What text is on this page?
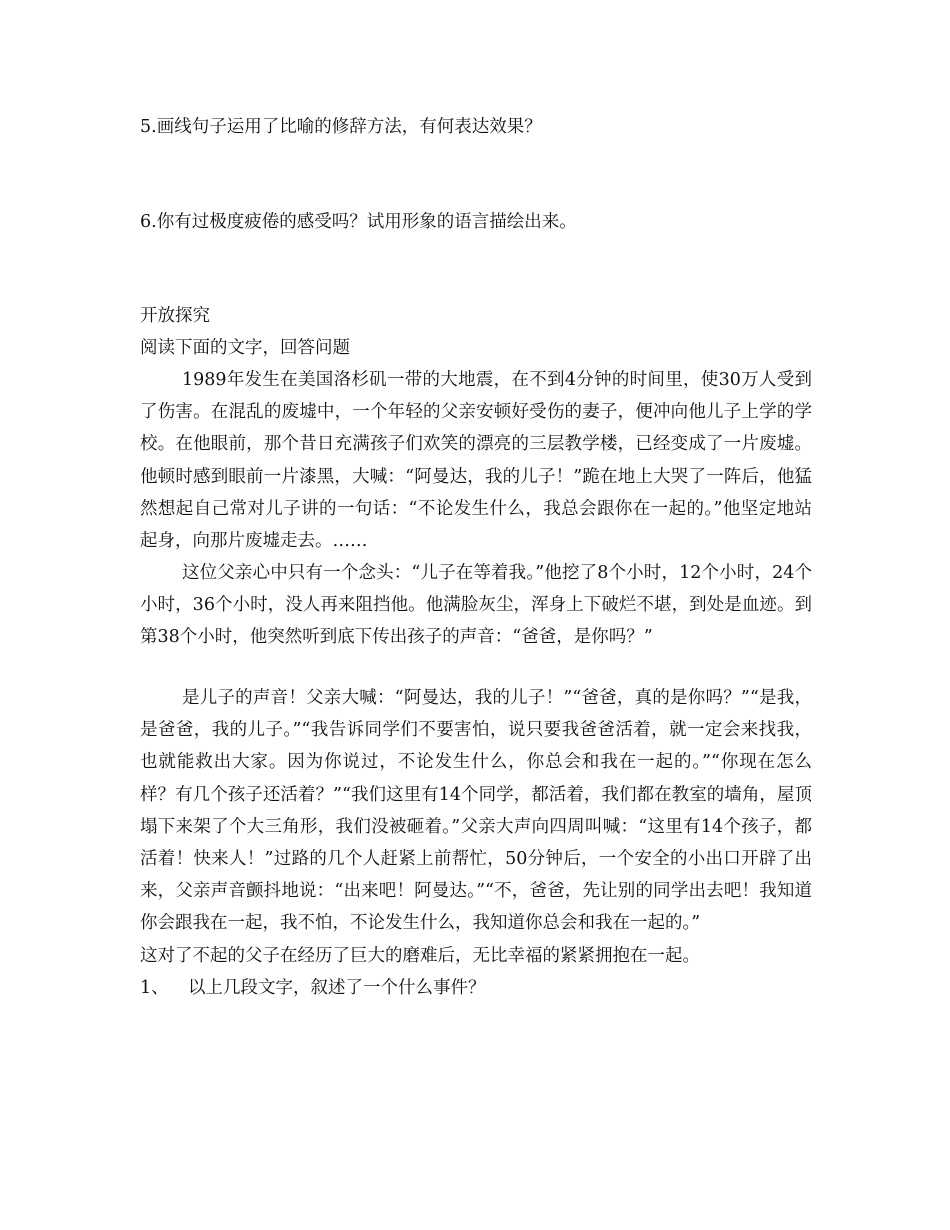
5.画线句子运用了比喻的修辞方法，有何表达效果？
6.你有过极度疲倦的感受吗？试用形象的语言描绘出来。
开放探究
阅读下面的文字，回答问题
1989年发生在美国洛杉矶一带的大地震，在不到4分钟的时间里，使30万人受到了伤害。在混乱的废墟中，一个年轻的父亲安顿好受伤的妻子，便冲向他儿子上学的学校。在他眼前，那个昔日充满孩子们欢笑的漂亮的三层教学楼，已经变成了一片废墟。他顿时感到眼前一片漆黑，大喊：“阿曼达，我的儿子！”跪在地上大哭了一阵后，他猛然想起自己常对儿子讲的一句话：“不论发生什么，我总会跟你在一起的。”他坚定地站起身，向那片废墟走去。……
这位父亲心中只有一个念头：“儿子在等着我。”他挖了8个小时，12个小时，24个小时，36个小时，没人再来阻挡他。他满脸灰尘，浑身上下破烂不堪，到处是血迹。到第38个小时，他突然听到底下传出孩子的声音：“爸爸，是你吗？”
是儿子的声音！父亲大喊：“阿曼达，我的儿子！”“爸爸，真的是你吗？”“是我，是爸爸，我的儿子。”“我告诉同学们不要害怕，说只要我爸爸活着，就一定会来找我，也就能救出大家。因为你说过，不论发生什么，你总会和我在一起的。”“你现在怎么样？有几个孩子还活着？”“我们这里有14个同学，都活着，我们都在教室的墙角，屋顶塌下来架了个大三角形，我们没被砸着。”父亲大声向四周叫喊：“这里有14个孩子，都活着！快来人！”过路的几个人赶紧上前帮忙，50分钟后，一个安全的小出口开辟了出来，父亲声音颤抖地说：“出来吧！阿曼达。”“不，爸爸，先让别的同学出去吧！我知道你会跟我在一起，我不怕，不论发生什么，我知道你总会和我在一起的。”
这对了不起的父子在经历了巨大的磨难后，无比幸福的紧紧拥抱在一起。
1、 以上几段文字，叙述了一个什么事件？
